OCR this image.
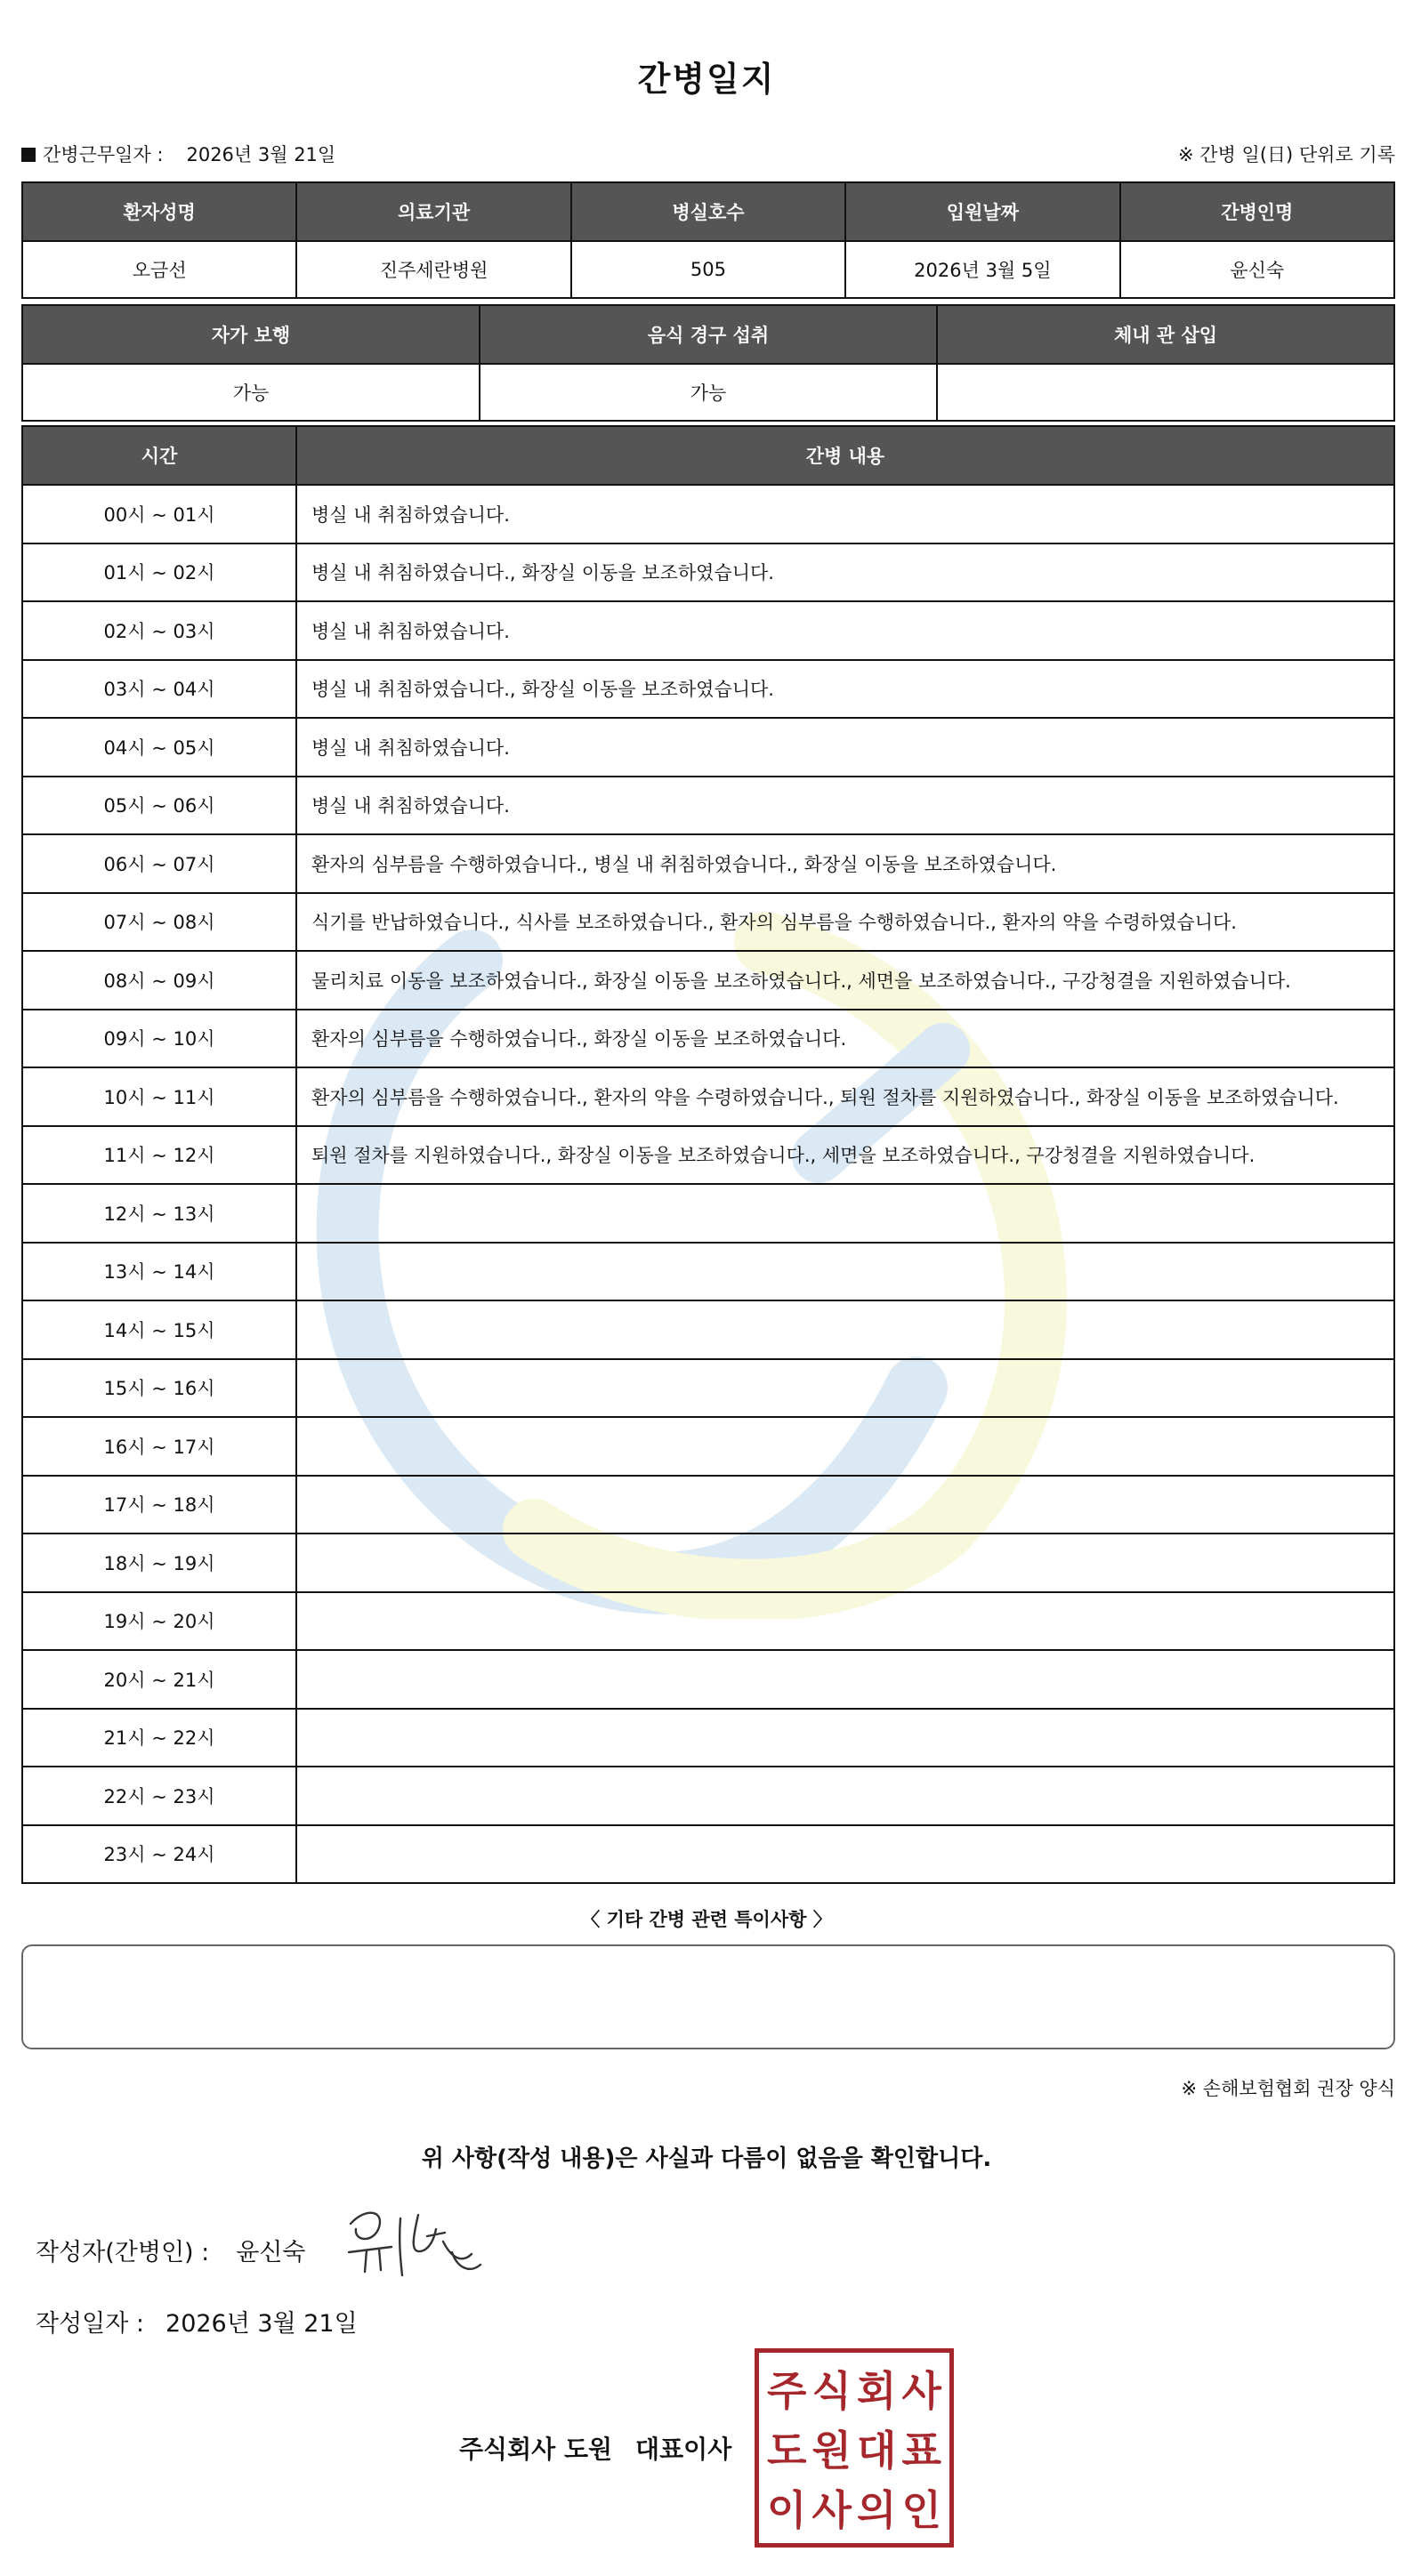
간병일지
간병근무일자 : 2026년 3월 21일	※ 간병 일(日) 단위로 기록
환자성명	의료기관	병실호수	입원날짜	간병인명
오금선	진주세란병원	505	2026년 3월 5일	윤신숙
자가 보행	음식 경구 섭취	체내 관 삽입
가능	가능	
시간	간병 내용
00시 ~ 01시	병실 내 취침하였습니다.
01시 ~ 02시	병실 내 취침하였습니다., 화장실 이동을 보조하였습니다.
02시 ~ 03시	병실 내 취침하였습니다.
03시 ~ 04시	병실 내 취침하였습니다., 화장실 이동을 보조하였습니다.
04시 ~ 05시	병실 내 취침하였습니다.
05시 ~ 06시	병실 내 취침하였습니다.
06시 ~ 07시	환자의 심부름을 수행하였습니다., 병실 내 취침하였습니다., 화장실 이동을 보조하였습니다.
07시 ~ 08시	식기를 반납하였습니다., 식사를 보조하였습니다., 환자의 심부름을 수행하였습니다., 환자의 약을 수령하였습니다.
08시 ~ 09시	물리치료 이동을 보조하였습니다., 화장실 이동을 보조하였습니다., 세면을 보조하였습니다., 구강청결을 지원하였습니다.
09시 ~ 10시	환자의 심부름을 수행하였습니다., 화장실 이동을 보조하였습니다.
10시 ~ 11시	환자의 심부름을 수행하였습니다., 환자의 약을 수령하였습니다., 퇴원 절차를 지원하였습니다., 화장실 이동을 보조하였습니다.
11시 ~ 12시	퇴원 절차를 지원하였습니다., 화장실 이동을 보조하였습니다., 세면을 보조하였습니다., 구강청결을 지원하였습니다.
12시 ~ 13시	
13시 ~ 14시	
14시 ~ 15시	
15시 ~ 16시	
16시 ~ 17시	
17시 ~ 18시	
18시 ~ 19시	
19시 ~ 20시	
20시 ~ 21시	
21시 ~ 22시	
22시 ~ 23시	
23시 ~ 24시	
〈 기타 간병 관련 특이사항 〉
※ 손해보험협회 권장 양식
위 사항(작성 내용)은 사실과 다름이 없음을 확인합니다.
작성자(간병인) : 윤신숙
작성일자 : 2026년 3월 21일
주식회사 도원 대표이사
주 식 회 사
도 원 대 표
이 사 의 인
